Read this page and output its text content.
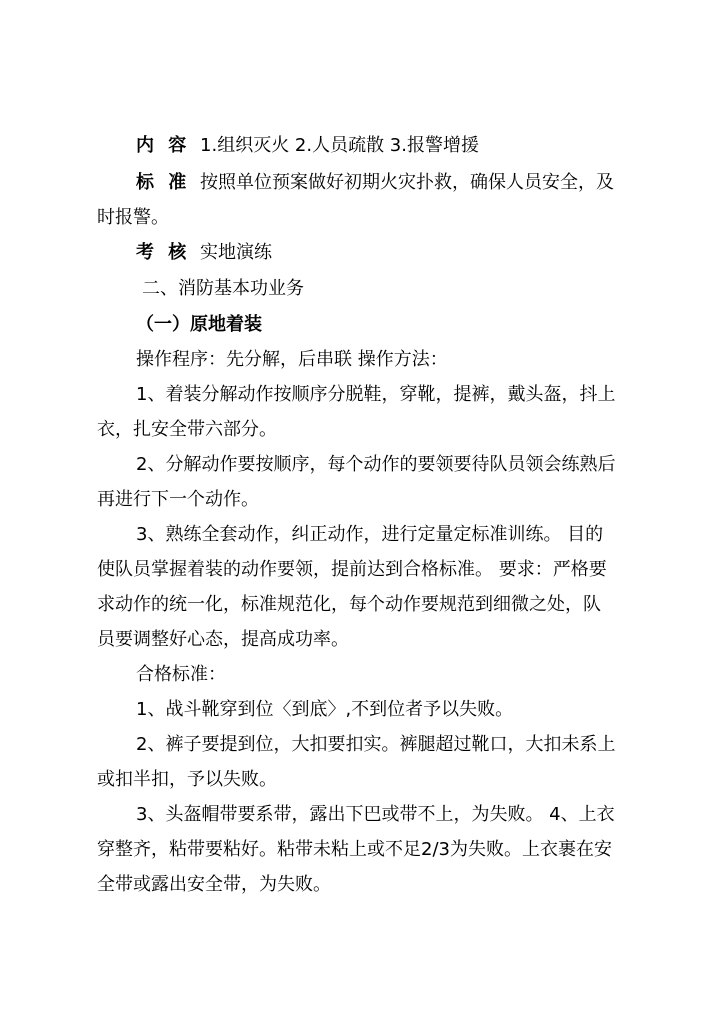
内 容 1.组织灭火 2.人员疏散 3.报警增援
标 准 按照单位预案做好初期火灾扑救，确保人员安全，及
时报警。
考 核 实地演练
二、消防基本功业务
（一）原地着装
操作程序：先分解，后串联 操作方法：
1、着装分解动作按顺序分脱鞋，穿靴，提裤，戴头盔，抖上
衣，扎安全带六部分。
2、分解动作要按顺序，每个动作的要领要待队员领会练熟后
再进行下一个动作。
3、熟练全套动作，纠正动作，进行定量定标准训练。 目的
使队员掌握着装的动作要领，提前达到合格标准。 要求：严格要
求动作的统一化，标准规范化，每个动作要规范到细微之处，队
员要调整好心态，提高成功率。
合格标准：
1、战斗靴穿到位〈到底〉,不到位者予以失败。
2、裤子要提到位，大扣要扣实。裤腿超过靴口，大扣未系上
或扣半扣，予以失败。
3、头盔帽带要系带，露出下巴或带不上，为失败。 4、上衣
穿整齐，粘带要粘好。粘带未粘上或不足2/3为失败。上衣裹在安
全带或露出安全带，为失败。
